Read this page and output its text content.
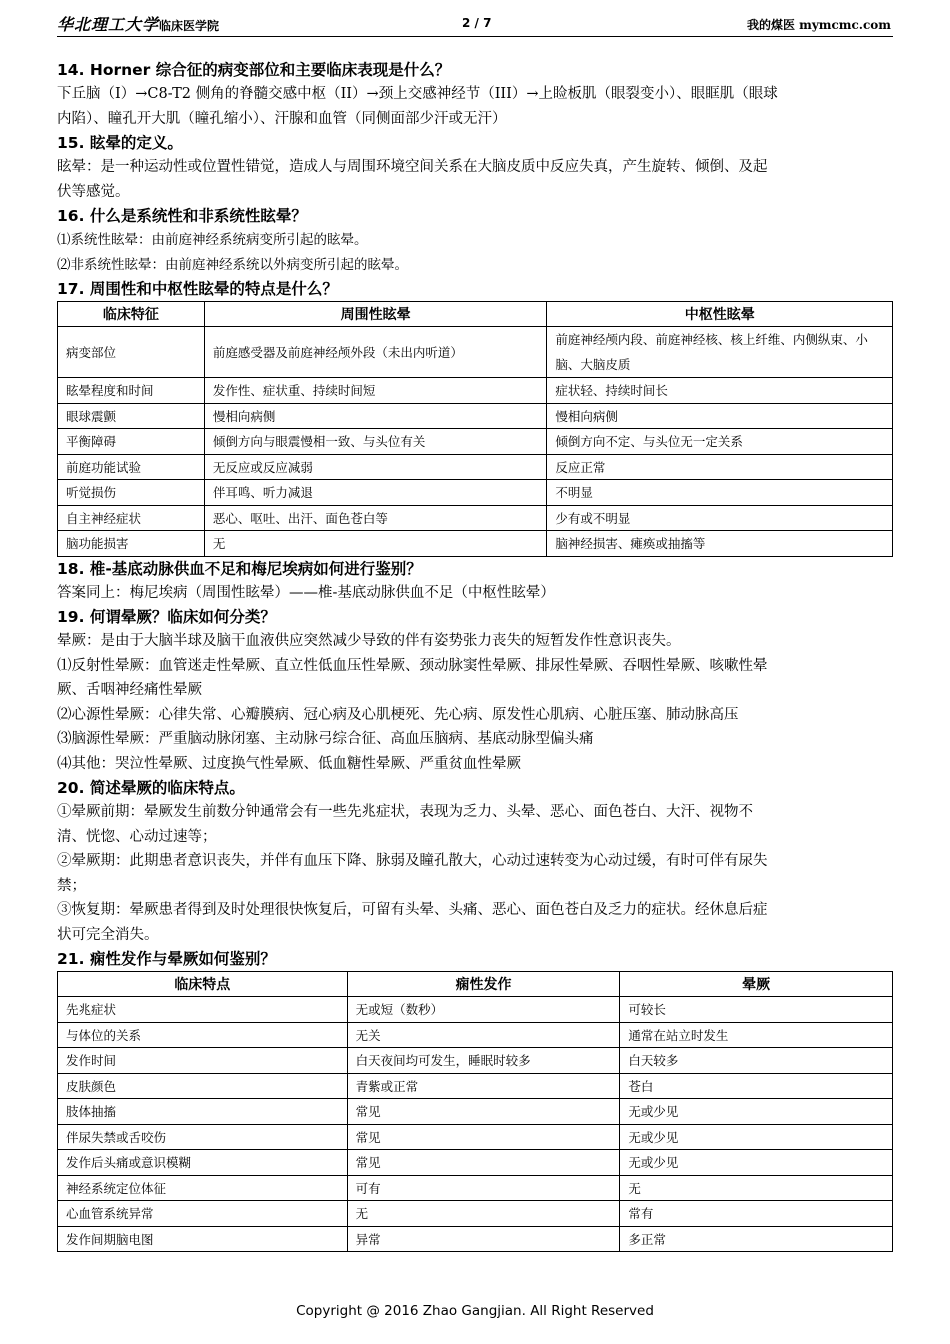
华北理工大学临床医学院	2 / 7	我的煤医 mymcmc.com

14. Horner 综合征的病变部位和主要临床表现是什么？

下丘脑（I）→C8-T2 侧角的脊髓交感中枢（II）→颈上交感神经节（III）→上睑板肌（眼裂变小）、眼眶肌（眼球

内陷）、瞳孔开大肌（瞳孔缩小）、汗腺和血管（同侧面部少汗或无汗）

15. 眩晕的定义。

眩晕：是一种运动性或位置性错觉，造成人与周围环境空间关系在大脑皮质中反应失真，产生旋转、倾倒、及起

伏等感觉。

16. 什么是系统性和非系统性眩晕？

⑴系统性眩晕：由前庭神经系统病变所引起的眩晕。

⑵非系统性眩晕：由前庭神经系统以外病变所引起的眩晕。

17. 周围性和中枢性眩晕的特点是什么？

临床特征	周围性眩晕	中枢性眩晕
病变部位	前庭感受器及前庭神经颅外段（未出内听道）	前庭神经颅内段、前庭神经核、核上纤维、内侧纵束、小脑、大脑皮质
眩晕程度和时间	发作性、症状重、持续时间短	症状轻、持续时间长
眼球震颤	慢相向病侧	慢相向病侧
平衡障碍	倾倒方向与眼震慢相一致、与头位有关	倾倒方向不定、与头位无一定关系
前庭功能试验	无反应或反应减弱	反应正常
听觉损伤	伴耳鸣、听力减退	不明显
自主神经症状	恶心、呕吐、出汗、面色苍白等	少有或不明显
脑功能损害	无	脑神经损害、瘫痪或抽搐等

18. 椎-基底动脉供血不足和梅尼埃病如何进行鉴别？

答案同上：梅尼埃病（周围性眩晕）——椎-基底动脉供血不足（中枢性眩晕）

19. 何谓晕厥？临床如何分类？

晕厥：是由于大脑半球及脑干血液供应突然减少导致的伴有姿势张力丧失的短暂发作性意识丧失。

⑴反射性晕厥：血管迷走性晕厥、直立性低血压性晕厥、颈动脉窦性晕厥、排尿性晕厥、吞咽性晕厥、咳嗽性晕

厥、舌咽神经痛性晕厥

⑵心源性晕厥：心律失常、心瓣膜病、冠心病及心肌梗死、先心病、原发性心肌病、心脏压塞、肺动脉高压

⑶脑源性晕厥：严重脑动脉闭塞、主动脉弓综合征、高血压脑病、基底动脉型偏头痛

⑷其他：哭泣性晕厥、过度换气性晕厥、低血糖性晕厥、严重贫血性晕厥

20. 简述晕厥的临床特点。

①晕厥前期：晕厥发生前数分钟通常会有一些先兆症状，表现为乏力、头晕、恶心、面色苍白、大汗、视物不

清、恍惚、心动过速等；

②晕厥期：此期患者意识丧失，并伴有血压下降、脉弱及瞳孔散大，心动过速转变为心动过缓，有时可伴有尿失

禁；

③恢复期：晕厥患者得到及时处理很快恢复后，可留有头晕、头痛、恶心、面色苍白及乏力的症状。经休息后症

状可完全消失。

21. 痫性发作与晕厥如何鉴别？

临床特点	痫性发作	晕厥
先兆症状	无或短（数秒）	可较长
与体位的关系	无关	通常在站立时发生
发作时间	白天夜间均可发生，睡眠时较多	白天较多
皮肤颜色	青紫或正常	苍白
肢体抽搐	常见	无或少见
伴尿失禁或舌咬伤	常见	无或少见
发作后头痛或意识模糊	常见	无或少见
神经系统定位体征	可有	无
心血管系统异常	无	常有
发作间期脑电图	异常	多正常
Copyright @ 2016 Zhao Gangjian. All Right Reserved
